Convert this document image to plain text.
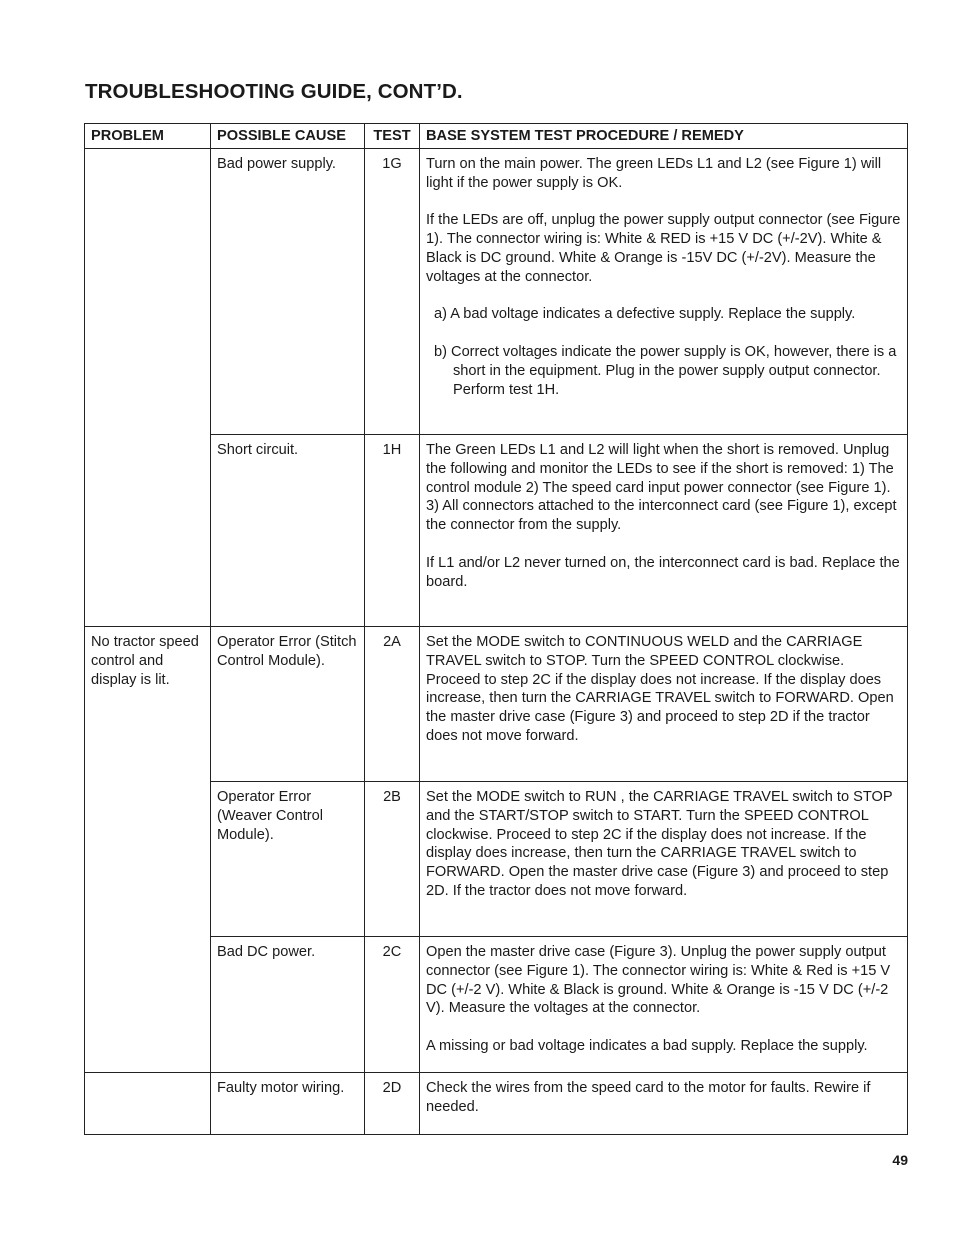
TROUBLESHOOTING GUIDE, CONT’D.
PROBLEM	POSSIBLE CAUSE	TEST	BASE SYSTEM TEST PROCEDURE / REMEDY
	Bad power supply.	1G	Turn on the main power. The green LEDs L1 and L2 (see Figure 1) will light if the power supply is OK.

If the LEDs are off, unplug the power supply output connector (see Figure 1). The connector wiring is: White & RED is +15 V DC (+/-2V). White & Black is DC ground. White & Orange is -15V DC (+/-2V). Measure the voltages at the connector.

a) A bad voltage indicates a defective supply. Replace the supply.

b) Correct voltages indicate the power supply is OK, however, there is a short in the equipment. Plug in the power supply output connector. Perform test 1H.

	Short circuit.	1H	The Green LEDs L1 and L2 will light when the short is removed. Unplug the following and monitor the LEDs to see if the short is removed: 1) The control module 2) The speed card input power connector (see Figure 1). 3) All connectors attached to the interconnect card (see Figure 1), except the connector from the supply.

If L1 and/or L2 never turned on, the interconnect card is bad. Replace the board.

No tractor speed control and display is lit.	Operator Error (Stitch Control Module).	2A	Set the MODE switch to CONTINUOUS WELD and the CARRIAGE TRAVEL switch to STOP. Turn the SPEED CONTROL clockwise. Proceed to step 2C if the display does not increase. If the display does increase, then turn the CARRIAGE TRAVEL switch to FORWARD. Open the master drive case (Figure 3) and proceed to step 2D if the tractor does not move forward.

	Operator Error (Weaver Control Module).	2B	Set the MODE switch to RUN , the CARRIAGE TRAVEL switch to STOP and the START/STOP switch to START. Turn the SPEED CONTROL clockwise. Proceed to step 2C if the display does not increase. If the display does increase, then turn the CARRIAGE TRAVEL switch to FORWARD. Open the master drive case (Figure 3) and proceed to step 2D. If the tractor does not move forward.

	Bad DC power.	2C	Open the master drive case (Figure 3). Unplug the power supply output connector (see Figure 1). The connector wiring is: White & Red is +15 V DC (+/-2 V). White & Black is ground. White & Orange is -15 V DC (+/-2 V). Measure the voltages at the connector.

A missing or bad voltage indicates a bad supply. Replace the supply.

	Faulty motor wiring.	2D	Check the wires from the speed card to the motor for faults. Rewire if needed.

49
